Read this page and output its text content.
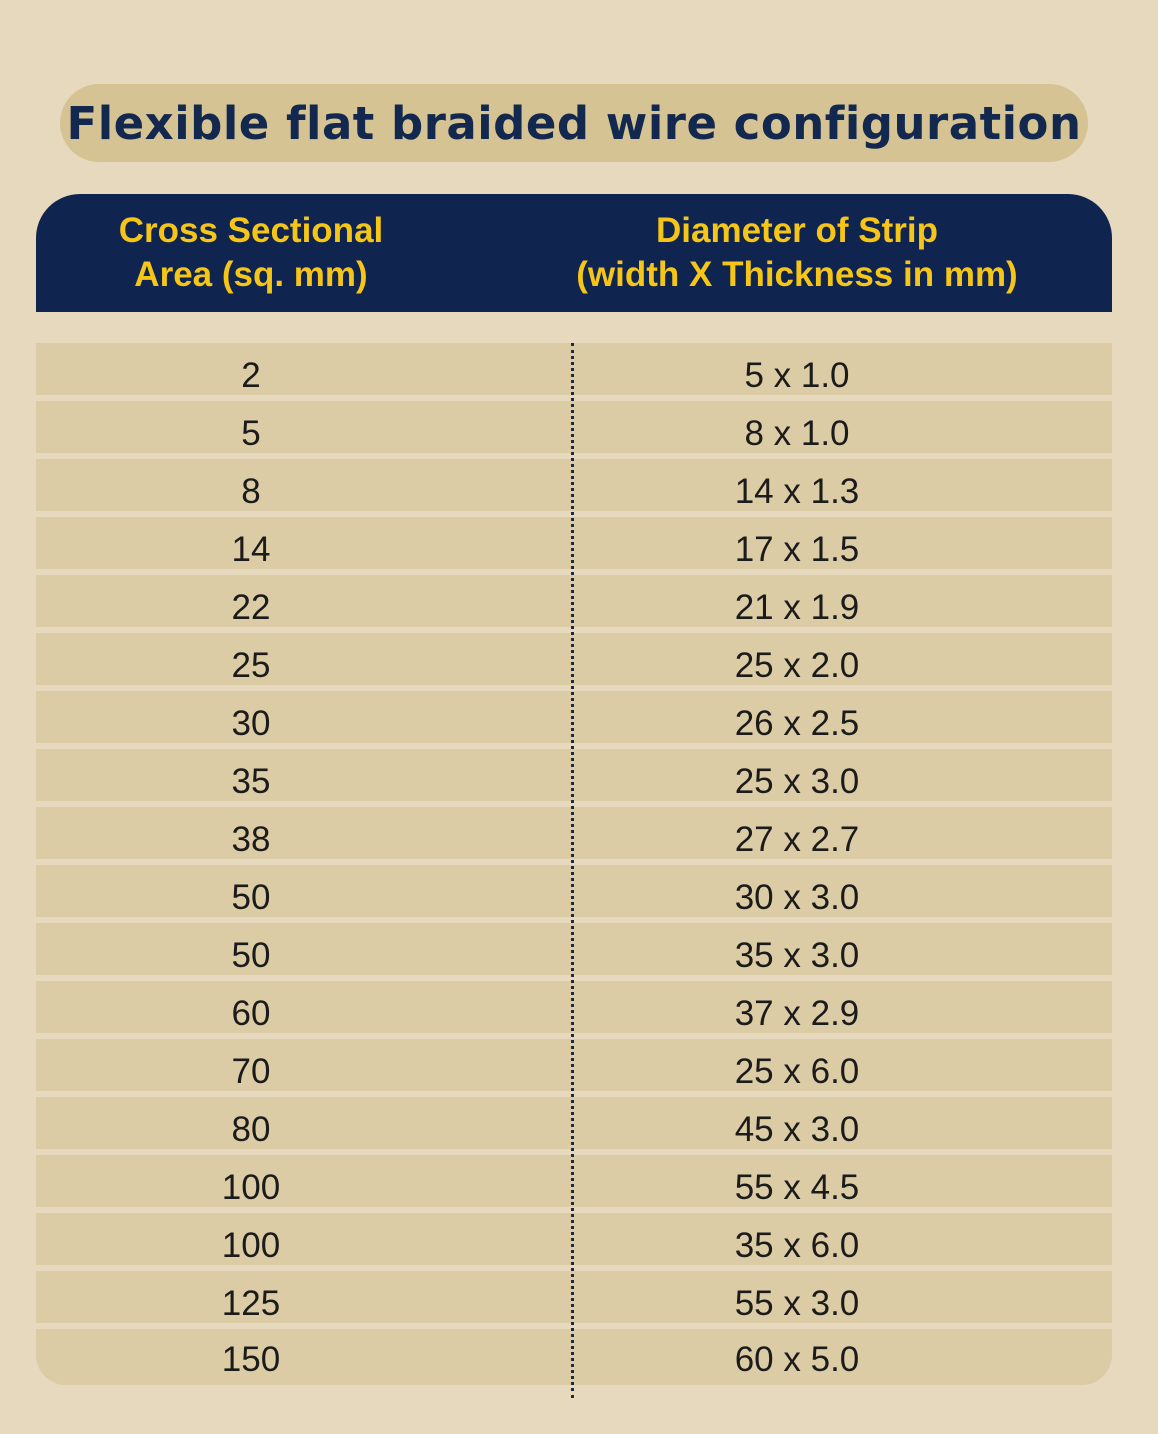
Flexible flat braided wire configuration
Cross Sectional
Area (sq. mm)
Diameter of Strip
(width X Thickness in mm)
2	5 x 1.0
5	8 x 1.0
8	14 x 1.3
14	17 x 1.5
22	21 x 1.9
25	25 x 2.0
30	26 x 2.5
35	25 x 3.0
38	27 x 2.7
50	30 x 3.0
50	35 x 3.0
60	37 x 2.9
70	25 x 6.0
80	45 x 3.0
100	55 x 4.5
100	35 x 6.0
125	55 x 3.0
150	60 x 5.0
